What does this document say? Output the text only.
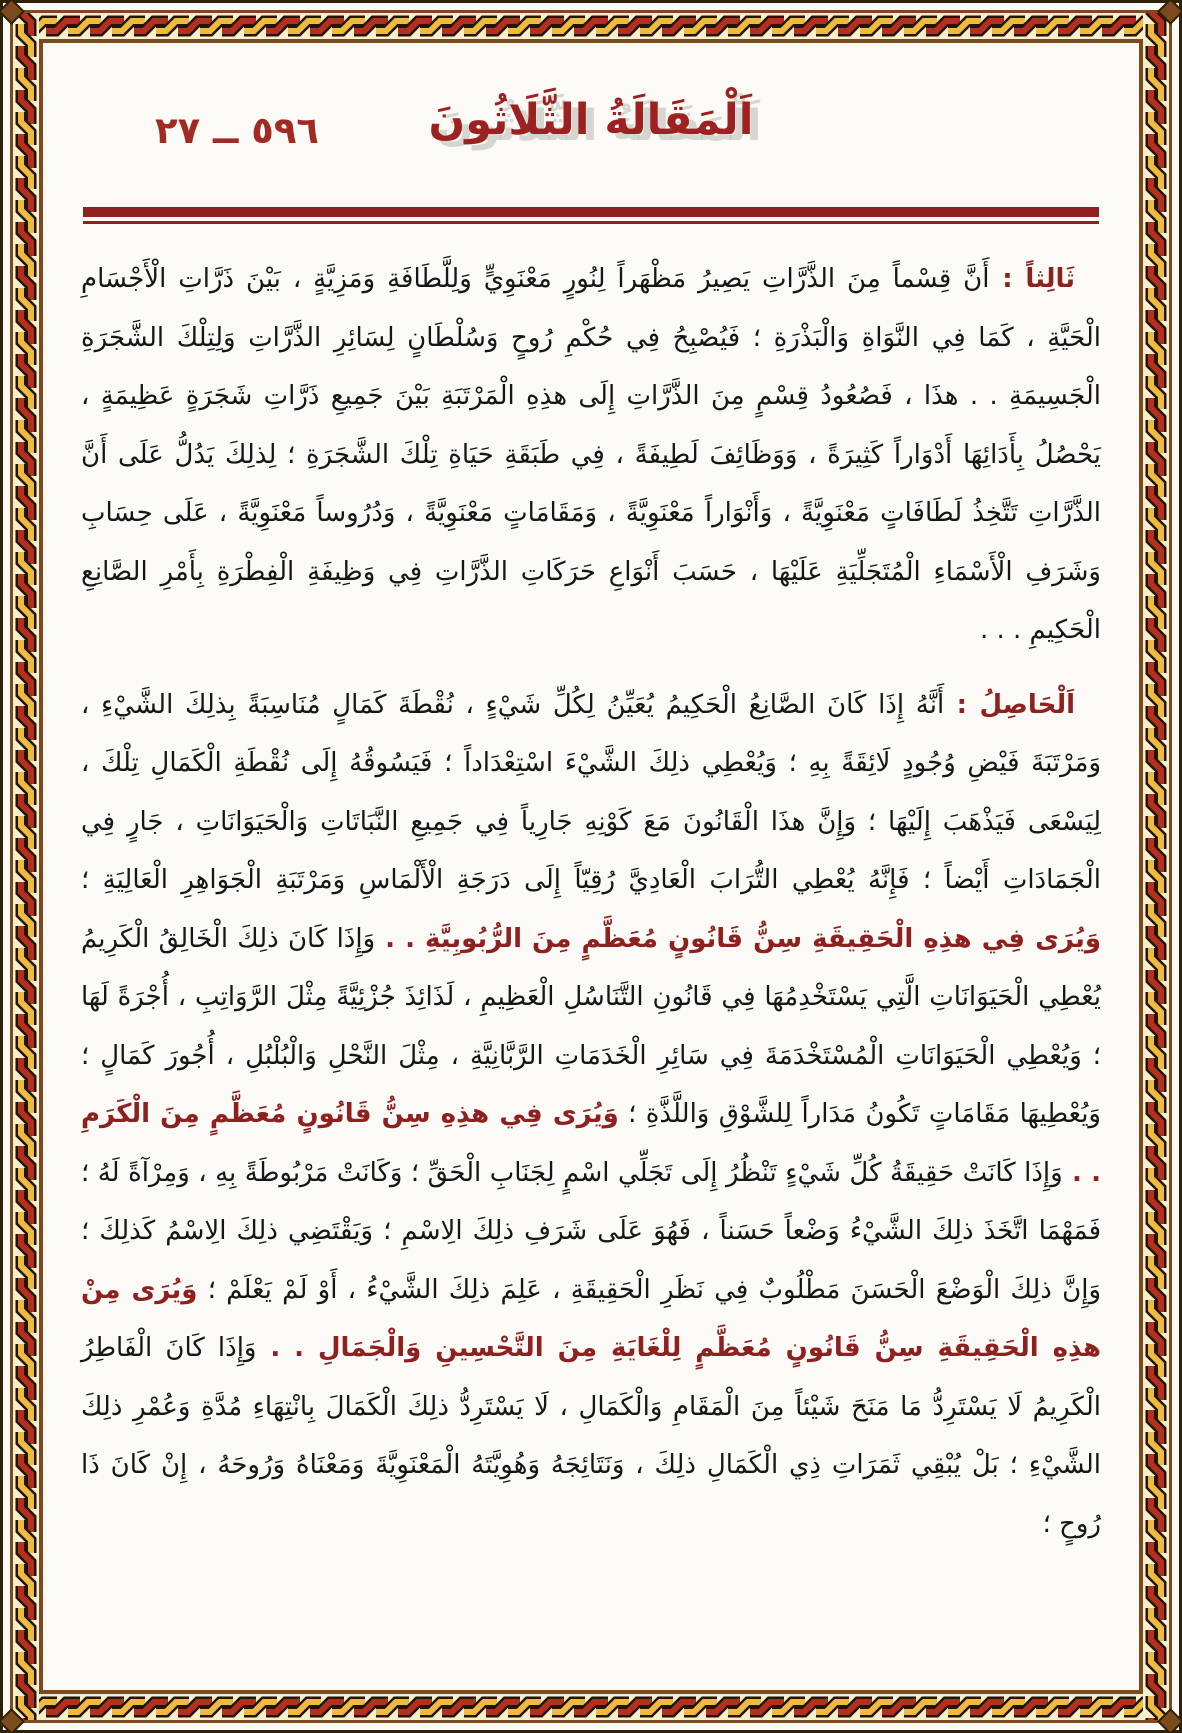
٥٩٦ ــ ٢٧	اَلْمَقَالَةُ الثَّلَاثُونَ

ثَالِثاً : أَنَّ قِسْماً مِنَ الذَّرَّاتِ يَصِيرُ مَظْهَراً لِنُورٍ مَعْنَوِيٍّ وَلِلَّطَافَةِ وَمَزِيَّةٍ ، بَيْنَ ذَرَّاتِ الْأَجْسَامِ الْحَيَّةِ ، كَمَا فِي النَّوَاةِ وَالْبَذْرَةِ ؛ فَيُصْبِحُ فِي حُكْمِ رُوحٍ وَسُلْطَانٍ لِسَائِرِ الذَّرَّاتِ وَلِتِلْكَ الشَّجَرَةِ الْجَسِيمَةِ . . هذَا ، فَصُعُودُ قِسْمٍ مِنَ الذَّرَّاتِ إِلَى هذِهِ الْمَرْتَبَةِ بَيْنَ جَمِيعِ ذَرَّاتِ شَجَرَةٍ عَظِيمَةٍ ، يَحْصُلُ بِأَدَائِهَا أَدْوَاراً كَثِيرَةً ، وَوَظَائِفَ لَطِيفَةً ، فِي طَبَقَةِ حَيَاةِ تِلْكَ الشَّجَرَةِ ؛ لِذلِكَ يَدُلُّ عَلَى أَنَّ الذَّرَّاتِ تَتَّخِذُ لَطَافَاتٍ مَعْنَوِيَّةً ، وَأَنْوَاراً مَعْنَوِيَّةً ، وَمَقَامَاتٍ مَعْنَوِيَّةً ، وَدُرُوساً مَعْنَوِيَّةً ، عَلَى حِسَابِ وَشَرَفِ الْأَسْمَاءِ الْمُتَجَلِّيَةِ عَلَيْهَا ، حَسَبَ أَنْوَاعِ حَرَكَاتِ الذَّرَّاتِ فِي وَظِيفَةِ الْفِطْرَةِ بِأَمْرِ الصَّانِعِ الْحَكِيمِ . . .

اَلْحَاصِلُ : أَنَّهُ إِذَا كَانَ الصَّانِعُ الْحَكِيمُ يُعَيِّنُ لِكُلِّ شَيْءٍ ، نُقْطَةَ كَمَالٍ مُنَاسِبَةً بِذلِكَ الشَّيْءِ ، وَمَرْتَبَةَ فَيْضِ وُجُودٍ لَائِقَةً بِهِ ؛ وَيُعْطِي ذلِكَ الشَّيْءَ اسْتِعْدَاداً ؛ فَيَسُوقُهُ إِلَى نُقْطَةِ الْكَمَالِ تِلْكَ ، لِيَسْعَى فَيَذْهَبَ إِلَيْهَا ؛ وَإِنَّ هذَا الْقَانُونَ مَعَ كَوْنِهِ جَارِياً فِي جَمِيعِ النَّبَاتَاتِ وَالْحَيَوَانَاتِ ، جَارٍ فِي الْجَمَادَاتِ أَيْضاً ؛ فَإِنَّهُ يُعْطِي التُّرَابَ الْعَادِيَّ رُقِيّاً إِلَى دَرَجَةِ الْأَلْمَاسِ وَمَرْتَبَةِ الْجَوَاهِرِ الْعَالِيَةِ ؛ وَيُرَى فِي هذِهِ الْحَقِيقَةِ سِنُّ قَانُونٍ مُعَظَّمٍ مِنَ الرُّبُوبِيَّةِ . . وَإِذَا كَانَ ذلِكَ الْخَالِقُ الْكَرِيمُ يُعْطِي الْحَيَوَانَاتِ الَّتِي يَسْتَخْدِمُهَا فِي قَانُونِ التَّنَاسُلِ الْعَظِيمِ ، لَذَائِذَ جُزْئِيَّةً مِثْلَ الرَّوَاتِبِ ، أُجْرَةً لَهَا ؛ وَيُعْطِي الْحَيَوَانَاتِ الْمُسْتَخْدَمَةَ فِي سَائِرِ الْخَدَمَاتِ الرَّبَّانِيَّةِ ، مِثْلَ النَّحْلِ وَالْبُلْبُلِ ، أُجُورَ كَمَالٍ ؛ وَيُعْطِيهَا مَقَامَاتٍ تَكُونُ مَدَاراً لِلشَّوْقِ وَاللَّذَّةِ ؛ وَيُرَى فِي هذِهِ سِنُّ قَانُونٍ مُعَظَّمٍ مِنَ الْكَرَمِ . . وَإِذَا كَانَتْ حَقِيقَةُ كُلِّ شَيْءٍ تَنْظُرُ إِلَى تَجَلِّي اسْمٍ لِجَنَابِ الْحَقِّ ؛ وَكَانَتْ مَرْبُوطَةً بِهِ ، وَمِرْآةً لَهُ ؛ فَمَهْمَا اتَّخَذَ ذلِكَ الشَّيْءُ وَضْعاً حَسَناً ، فَهُوَ عَلَى شَرَفِ ذلِكَ الِاسْمِ ؛ وَيَقْتَضِي ذلِكَ الِاسْمُ كَذلِكَ ؛ وَإِنَّ ذلِكَ الْوَضْعَ الْحَسَنَ مَطْلُوبٌ فِي نَظَرِ الْحَقِيقَةِ ، عَلِمَ ذلِكَ الشَّيْءُ ، أَوْ لَمْ يَعْلَمْ ؛ وَيُرَى مِنْ هذِهِ الْحَقِيقَةِ سِنُّ قَانُونٍ مُعَظَّمٍ لِلْغَايَةِ مِنَ التَّحْسِينِ وَالْجَمَالِ . . وَإِذَا كَانَ الْفَاطِرُ الْكَرِيمُ لَا يَسْتَرِدُّ مَا مَنَحَ شَيْئاً مِنَ الْمَقَامِ وَالْكَمَالِ ، لَا يَسْتَرِدُّ ذلِكَ الْكَمَالَ بِانْتِهَاءِ مُدَّةِ وَعُمْرِ ذلِكَ الشَّيْءِ ؛ بَلْ يُبْقِي ثَمَرَاتِ ذِي الْكَمَالِ ذلِكَ ، وَنَتَائِجَهُ وَهُوِيَّتَهُ الْمَعْنَوِيَّةَ وَمَعْنَاهُ وَرُوحَهُ ، إِنْ كَانَ ذَا رُوحٍ ؛
